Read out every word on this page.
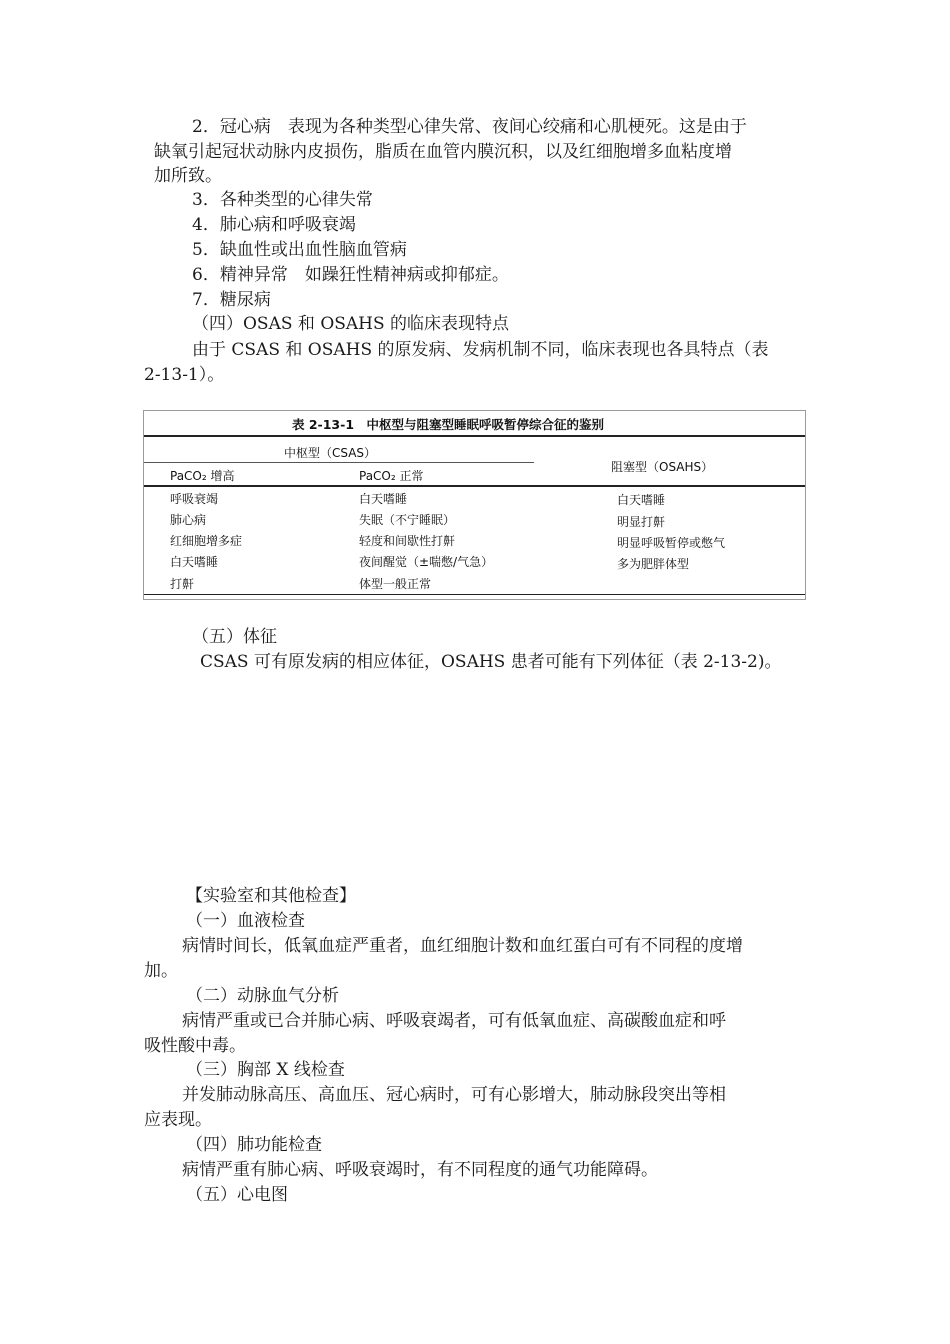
2．冠心病　表现为各种类型心律失常、夜间心绞痛和心肌梗死。这是由于
缺氧引起冠状动脉内皮损伤，脂质在血管内膜沉积，以及红细胞增多血粘度增
加所致。
3．各种类型的心律失常
4．肺心病和呼吸衰竭
5．缺血性或出血性脑血管病
6．精神异常　如躁狂性精神病或抑郁症。
7．糖尿病
（四）OSAS 和 OSAHS 的临床表现特点
由于 CSAS 和 OSAHS 的原发病、发病机制不同，临床表现也各具特点（表
2-13-1）。
表 2-13-1　中枢型与阻塞型睡眠呼吸暂停综合征的鉴别
中枢型（CSAS）
阻塞型（OSAHS）
PaCO₂ 增高	PaCO₂ 正常
呼吸衰竭
肺心病
红细胞增多症
白天嗜睡
打鼾
白天嗜睡
失眠（不宁睡眠）
轻度和间歇性打鼾
夜间醒觉（±喘憋/气急）
体型一般正常
白天嗜睡
明显打鼾
明显呼吸暂停或憋气
多为肥胖体型
（五）体征
CSAS 可有原发病的相应体征，OSAHS 患者可能有下列体征（表 2-13-2)。
【实验室和其他检查】
（一）血液检查
病情时间长，低氧血症严重者，血红细胞计数和血红蛋白可有不同程的度增
加。
（二）动脉血气分析
病情严重或已合并肺心病、呼吸衰竭者，可有低氧血症、高碳酸血症和呼
吸性酸中毒。
（三）胸部 X 线检查
并发肺动脉高压、高血压、冠心病时，可有心影增大，肺动脉段突出等相
应表现。
（四）肺功能检查
病情严重有肺心病、呼吸衰竭时，有不同程度的通气功能障碍。
（五）心电图
